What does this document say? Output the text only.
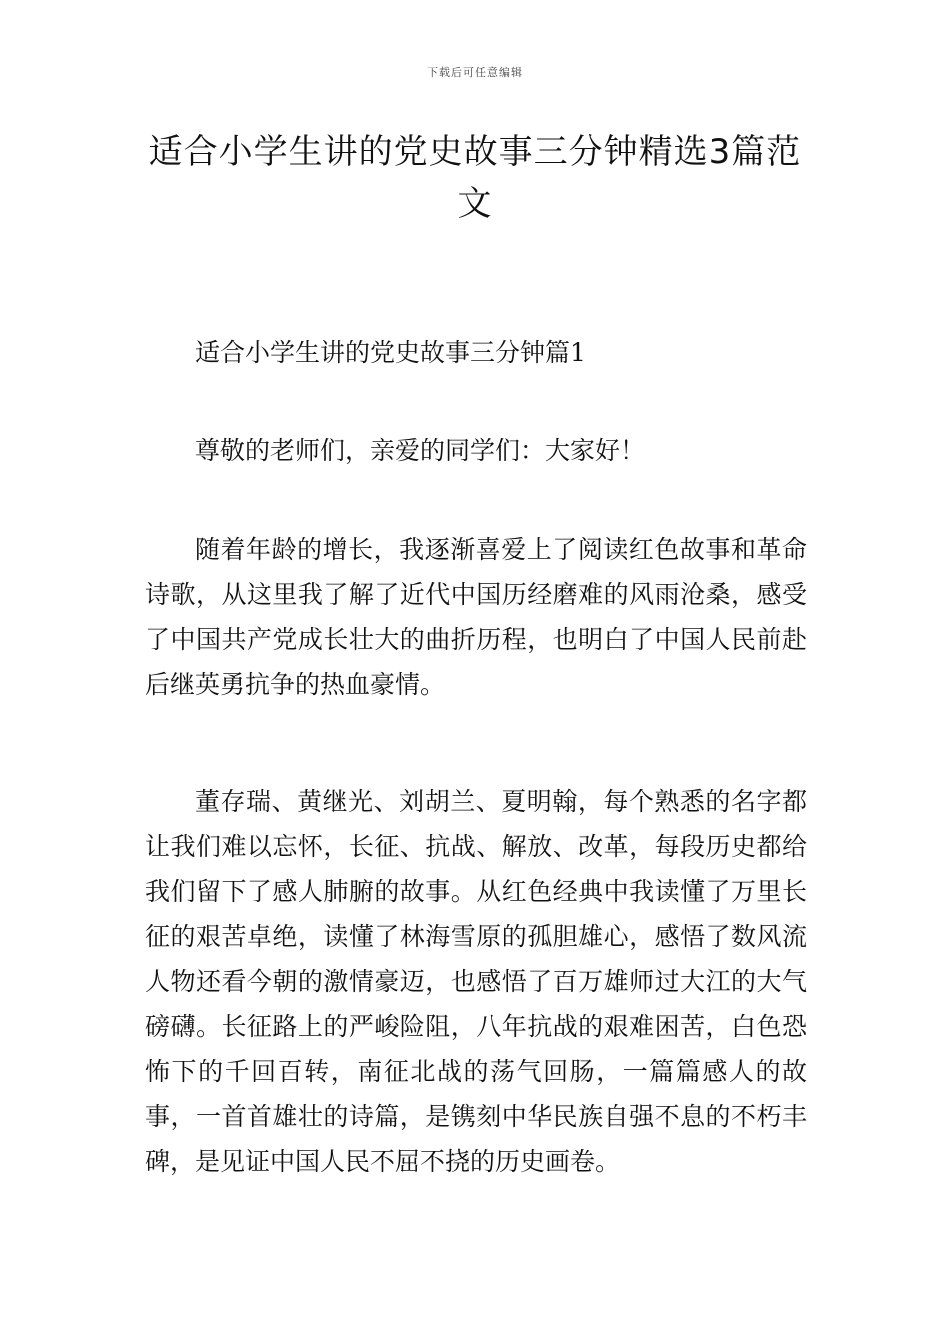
下载后可任意编辑
适合小学生讲的党史故事三分钟精选3篇范文

适合小学生讲的党史故事三分钟篇1

尊敬的老师们，亲爱的同学们：大家好！

随着年龄的增长，我逐渐喜爱上了阅读红色故事和革命诗歌，从这里我了解了近代中国历经磨难的风雨沧桑，感受了中国共产党成长壮大的曲折历程，也明白了中国人民前赴后继英勇抗争的热血豪情。

董存瑞、黄继光、刘胡兰、夏明翰，每个熟悉的名字都让我们难以忘怀，长征、抗战、解放、改革，每段历史都给我们留下了感人肺腑的故事。从红色经典中我读懂了万里长征的艰苦卓绝，读懂了林海雪原的孤胆雄心，感悟了数风流人物还看今朝的激情豪迈，也感悟了百万雄师过大江的大气磅礴。长征路上的严峻险阻，八年抗战的艰难困苦，白色恐怖下的千回百转，南征北战的荡气回肠，一篇篇感人的故事，一首首雄壮的诗篇，是镌刻中华民族自强不息的不朽丰碑，是见证中国人民不屈不挠的历史画卷。
